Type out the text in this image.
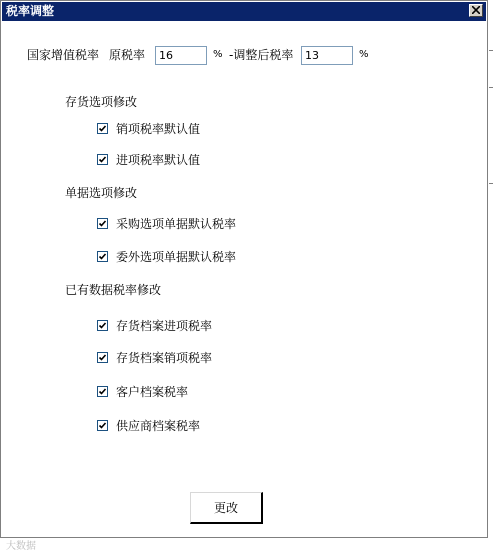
税率调整
国家增值税率 原税率
16	% -调整后税率
13	%
存货选项修改
销项税率默认值
进项税率默认值
单据选项修改
采购选项单据默认税率
委外选项单据默认税率
已有数据税率修改
存货档案进项税率
存货档案销项税率
客户档案税率
供应商档案税率
更改
大数据
